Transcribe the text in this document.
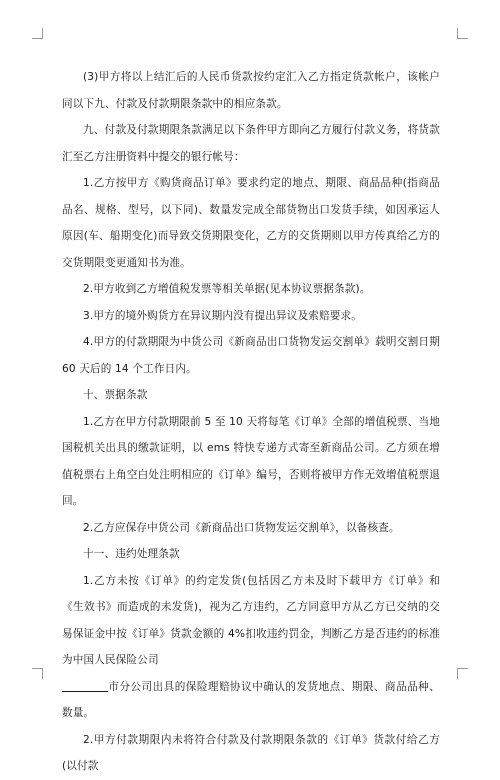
(3)甲方将以上结汇后的人民币货款按约定汇入乙方指定货款帐户，该帐户同以下九、付款及付款期限条款中的相应条款。

九、付款及付款期限条款满足以下条件甲方即向乙方履行付款义务，将货款汇至乙方注册资料中提交的银行帐号：

1.乙方按甲方《购货商品订单》要求约定的地点、期限、商品品种(指商品品名、规格、型号，以下同)、数量发完成全部货物出口发货手续，如因承运人原因(车、船期变化)而导致交货期限变化，乙方的交货期则以甲方传真给乙方的交货期限变更通知书为准。

2.甲方收到乙方增值税发票等相关单据(见本协议票据条款)。

3.甲方的境外购货方在异议期内没有提出异议及索赔要求。

4.甲方的付款期限为中货公司《新商品出口货物发运交割单》载明交割日期 60 天后的 14 个工作日内。

十、票据条款

1.乙方在甲方付款期限前 5 至 10 天将每笔《订单》全部的增值税票、当地国税机关出具的缴款证明，以 ems 特快专递方式寄至新商品公司。乙方须在增值税票右上角空白处注明相应的《订单》编号，否则将被甲方作无效增值税票退回。

2.乙方应保存中货公司《新商品出口货物发运交割单》，以备核查。

十一、违约处理条款

1.乙方未按《订单》的约定发货(包括因乙方未及时下载甲方《订单》和《生效书》而造成的未发货)，视为乙方违约，乙方同意甲方从乙方已交纳的交易保证金中按《订单》货款金额的 4%扣收违约罚金，判断乙方是否违约的标准为中国人民保险公司
市分公司出具的保险理赔协议中确认的发货地点、期限、商品品种、数量。

2.甲方付款期限内未将符合付款及付款期限条款的《订单》货款付给乙方(以付款
